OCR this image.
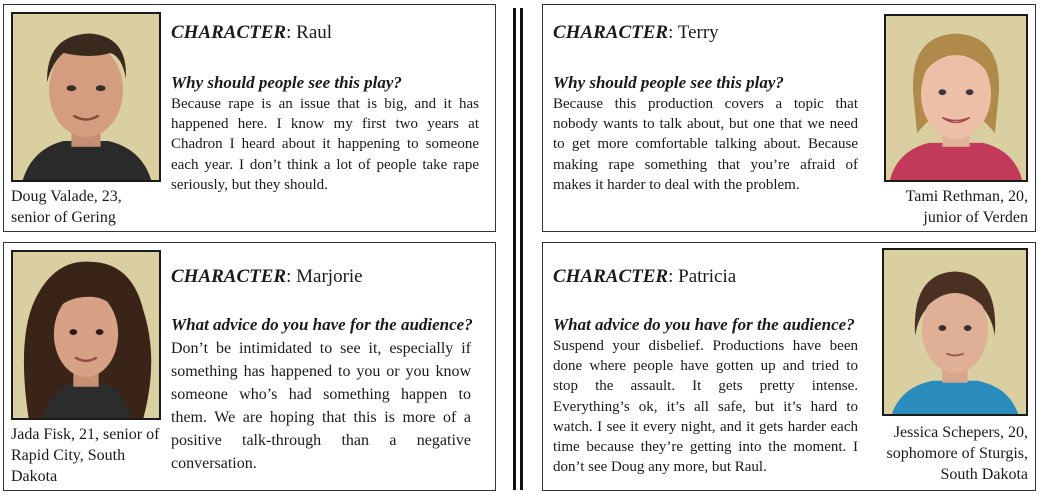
CHARACTER: Raul
Why should people see this play?
Because rape is an issue that is big, and it has happened here. I know my first two years at Chadron I heard about it happening to someone each year. I don’t think a lot of people take rape seriously, but they should.
Doug Valade, 23, senior of Gering
CHARACTER: Terry
Why should people see this play?
Because this production covers a topic that nobody wants to talk about, but one that we need to get more comfortable talking about. Because making rape something that you’re afraid of makes it harder to deal with the problem.
Tami Rethman, 20, junior of Verden
CHARACTER: Marjorie
What advice do you have for the audience?
Don’t be intimidated to see it, especially if something has happened to you or you know someone who’s had something happen to them. We are hoping that this is more of a positive talk-through than a negative conversation.
Jada Fisk, 21, senior of Rapid City, South Dakota
CHARACTER: Patricia
What advice do you have for the audience?
Suspend your disbelief. Productions have been done where people have gotten up and tried to stop the assault. It gets pretty intense. Everything’s ok, it’s all safe, but it’s hard to watch. I see it every night, and it gets harder each time because they’re getting into the moment. I don’t see Doug any more, but Raul.
Jessica Schepers, 20, sophomore of Sturgis, South Dakota
